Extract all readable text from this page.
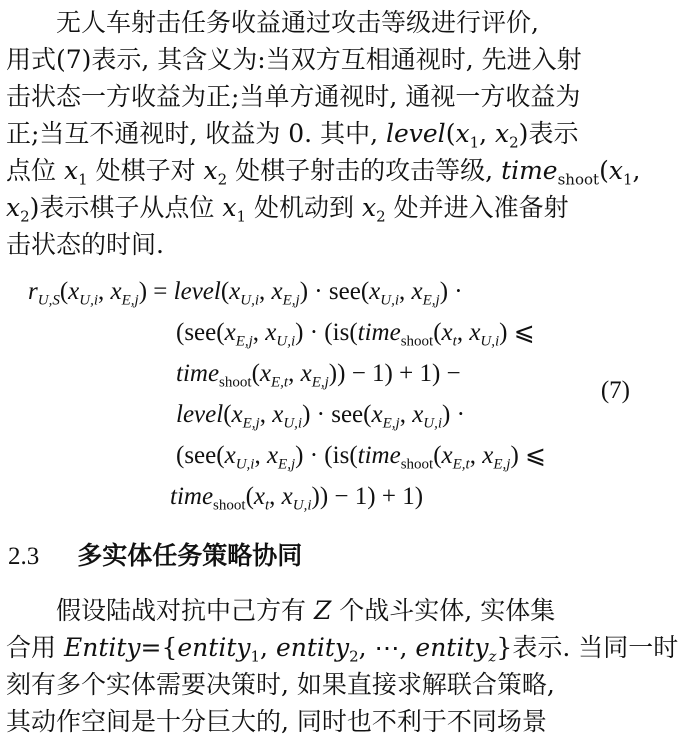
无人车射击任务收益通过攻击等级进行评价,
用式(7)表示, 其含义为:当双方互相通视时, 先进入射
击状态一方收益为正;当单方通视时, 通视一方收益为
正;当互不通视时, 收益为 0. 其中, $level(x_1$, $x_2$)表示
点位 $x_1$ 处棋子对 $x_2$ 处棋子射击的攻击等级, $time_{shoot}(x_1$,
$x_2$)表示棋子从点位 $x_1$ 处机动到 $x_2$ 处并进入准备射
击状态的时间.
$r_{U,S}(x_{U,i}$, $x_{E,j}$) = $level(x_{U,i}$, $x_{E,j}) \cdot see(x_{U,i}$, $x_{E,j}$) ·
($see(x_{E,j}$, $x_{U,i}$) · ($is(time_{shoot}(x_t$, $x_{U,i}$) ⩽
$time_{shoot}(x_{E,t}$, $x_{E,j})) - 1) + 1$) −
$level(x_{E,j}$, $x_{U,i}) \cdot see(x_{E,j}$, $x_{U,i}$) ·
($see(x_{U,i}$, $x_{E,j}$) · ($is(time_{shoot}(x_{E,t}$, $x_{E,j}$) ⩽
$time_{shoot}(x_t$, $x_{U,i})) - 1) + 1$)
(7)
2.3 多实体任务策略协同
假设陆战对抗中己方有 Z 个战斗实体, 实体集
合用 Entity={entity$_1$, entity$_2$, ⋯, entity$_z$}表示. 当同一时
刻有多个实体需要决策时, 如果直接求解联合策略,
其动作空间是十分巨大的, 同时也不利于不同场景
